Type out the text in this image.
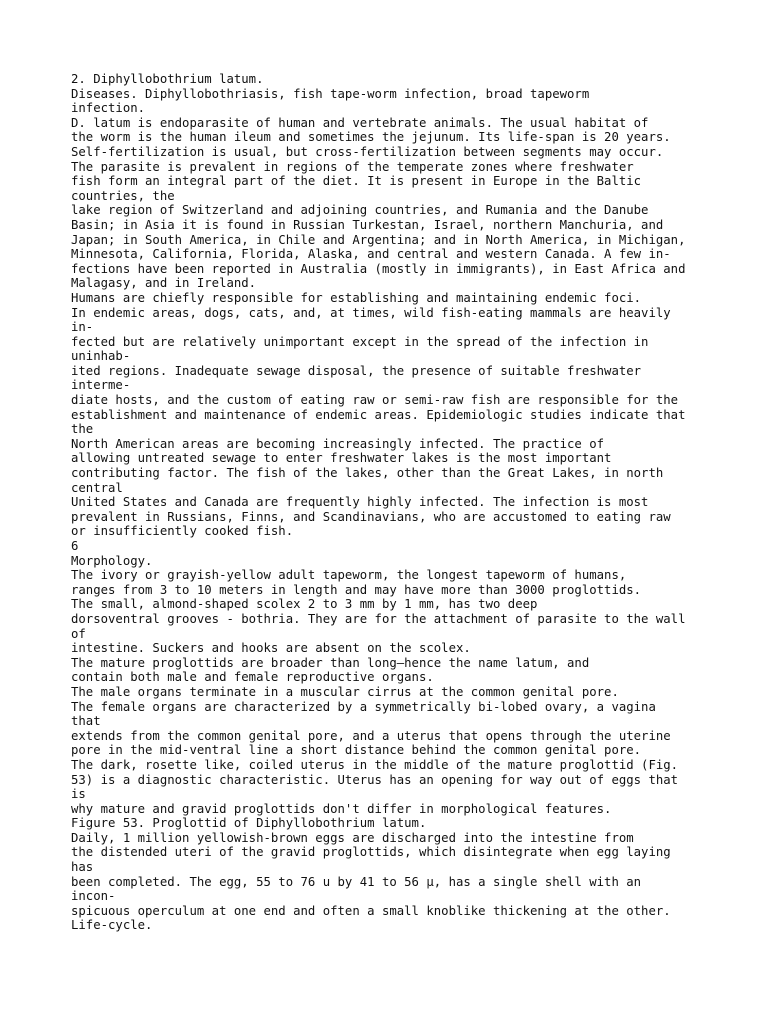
2. Diphyllobothrium latum.
Diseases. Diphyllobothriasis, fish tape-worm infection, broad tapeworm
infection.
D. latum is endoparasite of human and vertebrate animals. The usual habitat of
the worm is the human ileum and sometimes the jejunum. Its life-span is 20 years.
Self-fertilization is usual, but cross-fertilization between segments may occur.
The parasite is prevalent in regions of the temperate zones where freshwater
fish form an integral part of the diet. It is present in Europe in the Baltic
countries, the
lake region of Switzerland and adjoining countries, and Rumania and the Danube
Basin; in Asia it is found in Russian Turkestan, Israel, northern Manchuria, and
Japan; in South America, in Chile and Argentina; and in North America, in Michigan,
Minnesota, California, Florida, Alaska, and central and western Canada. A few in-
fections have been reported in Australia (mostly in immigrants), in East Africa and
Malagasy, and in Ireland.
Humans are chiefly responsible for establishing and maintaining endemic foci.
In endemic areas, dogs, cats, and, at times, wild fish-eating mammals are heavily
in-
fected but are relatively unimportant except in the spread of the infection in
uninhab-
ited regions. Inadequate sewage disposal, the presence of suitable freshwater
interme-
diate hosts, and the custom of eating raw or semi-raw fish are responsible for the
establishment and maintenance of endemic areas. Epidemiologic studies indicate that
the
North American areas are becoming increasingly infected. The practice of
allowing untreated sewage to enter freshwater lakes is the most important
contributing factor. The fish of the lakes, other than the Great Lakes, in north
central
United States and Canada are frequently highly infected. The infection is most
prevalent in Russians, Finns, and Scandinavians, who are accustomed to eating raw
or insufficiently cooked fish.
6
Morphology.
The ivory or grayish-yellow adult tapeworm, the longest tapeworm of humans,
ranges from 3 to 10 meters in length and may have more than 3000 proglottids.
The small, almond-shaped scolex 2 to 3 mm by 1 mm, has two deep
dorsoventral grooves - bothria. They are for the attachment of parasite to the wall
of
intestine. Suckers and hooks are absent on the scolex.
The mature proglottids are broader than long—hence the name latum, and
contain both male and female reproductive organs.
The male organs terminate in a muscular cirrus at the common genital pore.
The female organs are characterized by a symmetrically bi-lobed ovary, a vagina
that
extends from the common genital pore, and a uterus that opens through the uterine
pore in the mid-ventral line a short distance behind the common genital pore.
The dark, rosette like, coiled uterus in the middle of the mature proglottid (Fig.
53) is a diagnostic characteristic. Uterus has an opening for way out of eggs that
is
why mature and gravid proglottids don't differ in morphological features.
Figure 53. Proglottid of Diphyllobothrium latum.
Daily, 1 million yellowish-brown eggs are discharged into the intestine from
the distended uteri of the gravid proglottids, which disintegrate when egg laying
has
been completed. The egg, 55 to 76 u by 41 to 56 μ, has a single shell with an
incon-
spicuous operculum at one end and often a small knoblike thickening at the other.
Life-cycle.
